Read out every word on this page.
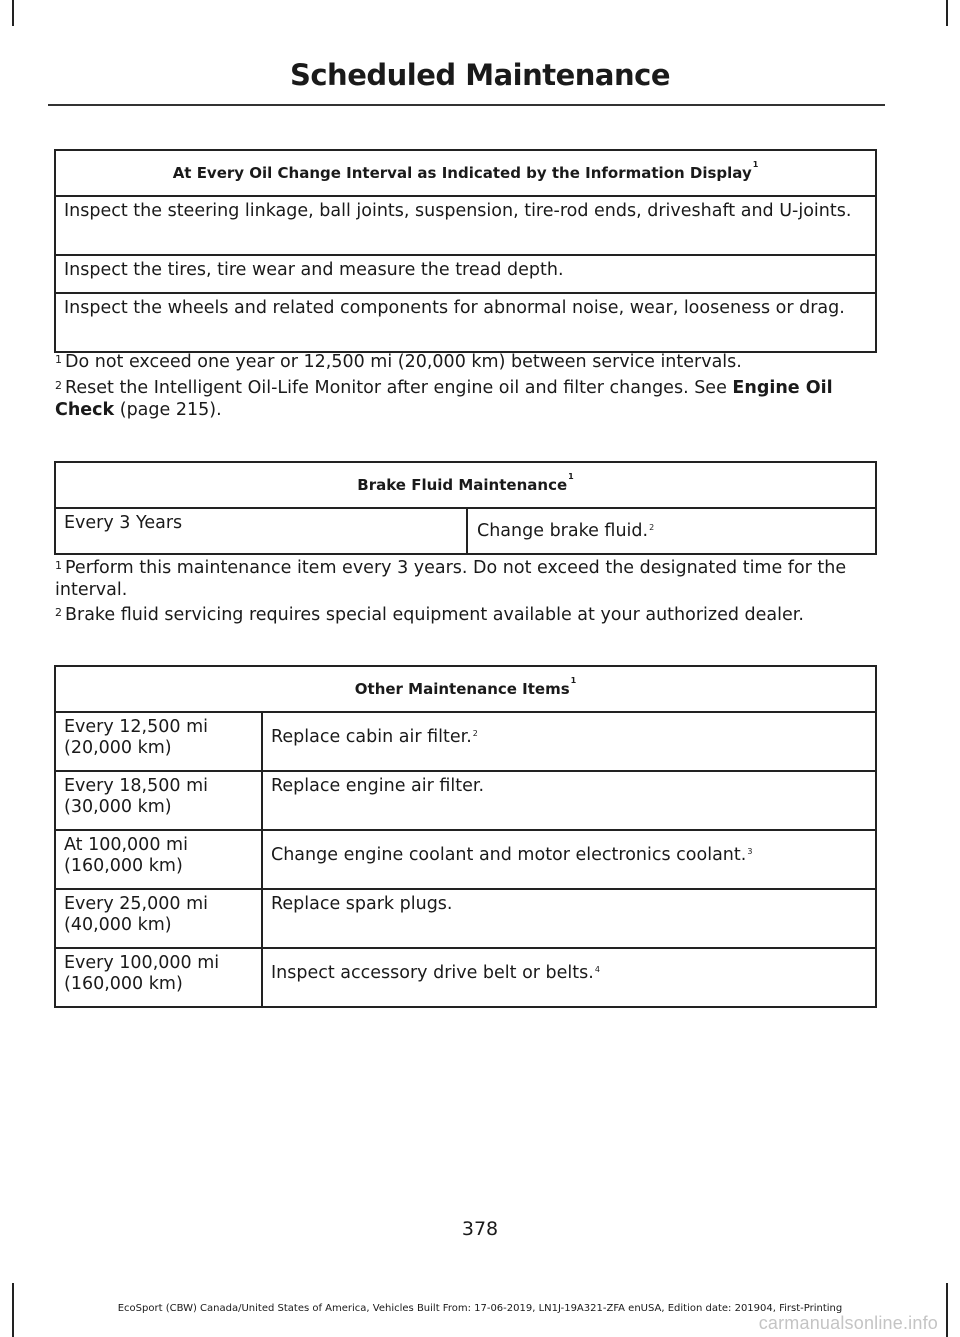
Scheduled Maintenance
At Every Oil Change Interval as Indicated by the Information Display$^1$
Inspect the steering linkage, ball joints, suspension, tire-rod ends, driveshaft and U-joints.
Inspect the tires, tire wear and measure the tread depth.
Inspect the wheels and related components for abnormal noise, wear, looseness or drag.
$^1$ Do not exceed one year or 12,500 mi (20,000 km) between service intervals.
$^2$ Reset the Intelligent Oil-Life Monitor after engine oil and filter changes. See Engine Oil Check (page 215).
Brake Fluid Maintenance$^1$
Every 3 Years	Change brake fluid.$^2$
$^1$ Perform this maintenance item every 3 years. Do not exceed the designated time for the interval.
$^2$ Brake fluid servicing requires special equipment available at your authorized dealer.
Other Maintenance Items$^1$
Every 12,500 mi
(20,000 km)	Replace cabin air filter.$^2$
Every 18,500 mi
(30,000 km)	Replace engine air filter.
At 100,000 mi
(160,000 km)	Change engine coolant and motor electronics coolant.$^3$
Every 25,000 mi
(40,000 km)	Replace spark plugs.
Every 100,000 mi
(160,000 km)	Inspect accessory drive belt or belts.$^4$
378
EcoSport (CBW) Canada/United States of America, Vehicles Built From: 17-06-2019, LN1J-19A321-ZFA enUSA, Edition date: 201904, First-Printing
carmanualsonline.info
